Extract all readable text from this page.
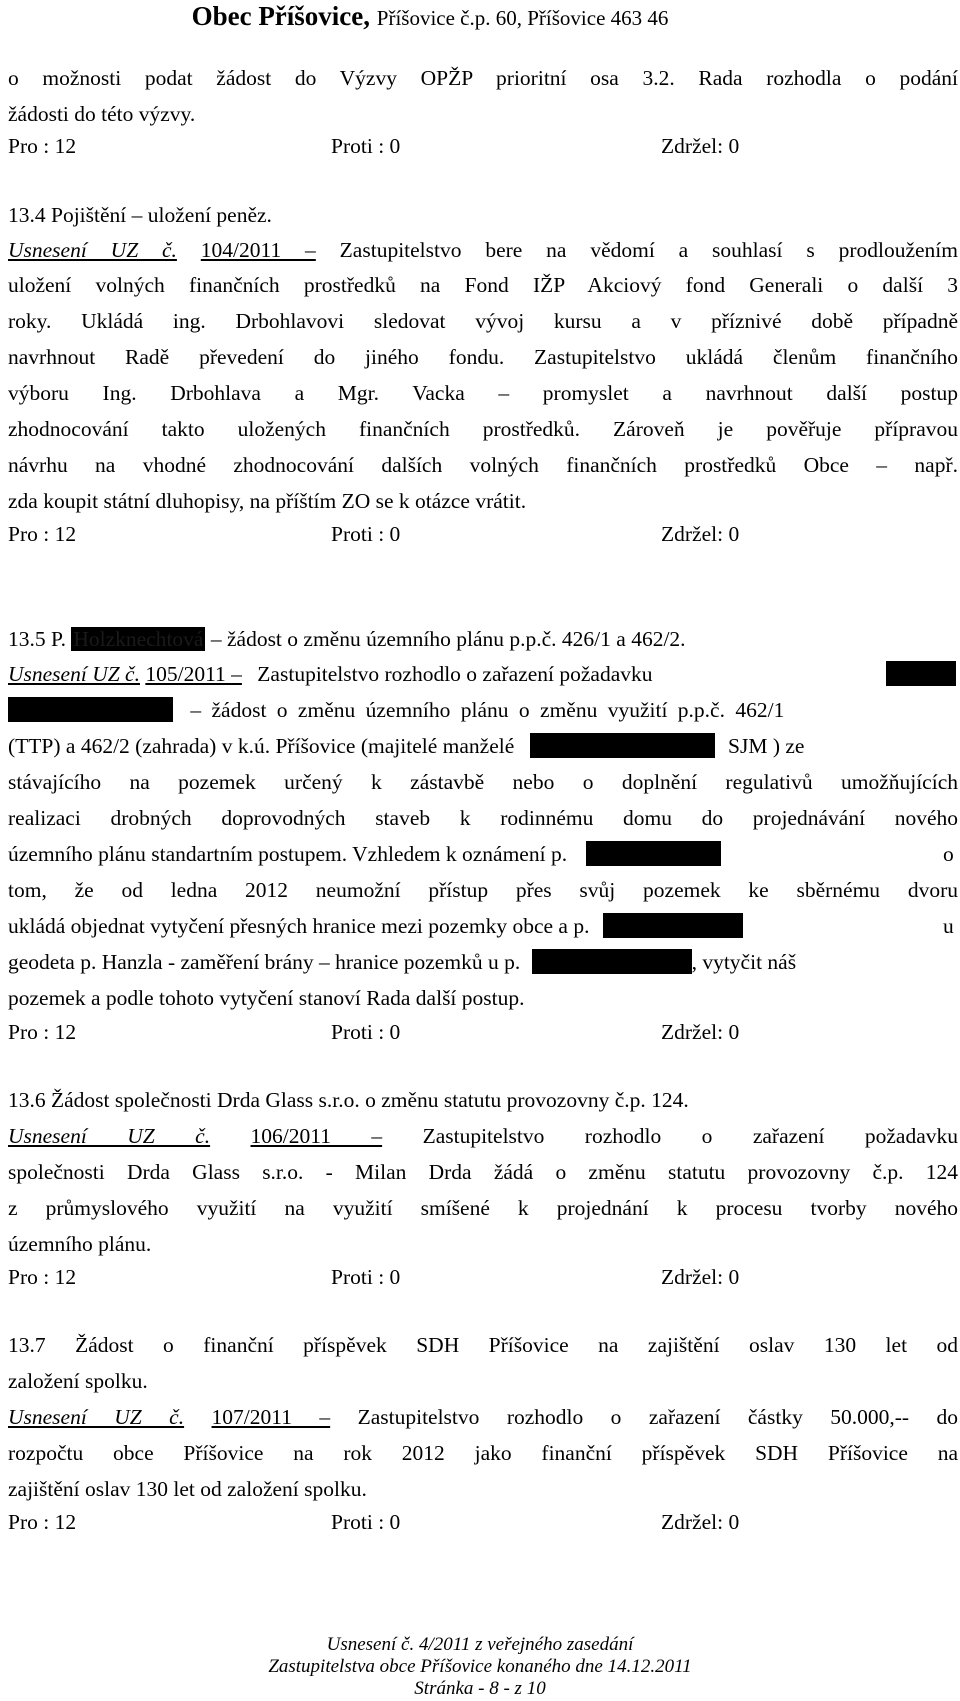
Obec Příšovice, Příšovice č.p. 60, Příšovice 463 46
o možnosti podat žádost do Výzvy OPŽP prioritní osa 3.2. Rada rozhodla o podání
žádosti do této výzvy.
Pro : 12	Proti : 0	Zdržel: 0
13.4 Pojištění – uložení peněz.
Usnesení UZ č. 104/2011 – Zastupitelstvo bere na vědomí a souhlasí s prodloužením
uložení volných finančních prostředků na Fond IŽP Akciový fond Generali o další 3
roky. Ukládá ing. Drbohlavovi sledovat vývoj kursu a v příznivé době případně
navrhnout Radě převedení do jiného fondu. Zastupitelstvo ukládá členům finančního
výboru Ing. Drbohlava a Mgr. Vacka – promyslet a navrhnout další postup
zhodnocování takto uložených finančních prostředků. Zároveň je pověřuje přípravou
návrhu na vhodné zhodnocování dalších volných finančních prostředků Obce – např.
zda koupit státní dluhopisy, na příštím ZO se k otázce vrátit.
Pro : 12	Proti : 0	Zdržel: 0
13.5 P. Holzknechtová – žádost o změnu územního plánu p.p.č. 426/1 a 462/2.
Usnesení UZ č. 105/2011 – Zastupitelstvo rozhodlo o zařazení požadavku
– žádost o změnu územního plánu o změnu využití p.p.č. 462/1
(TTP) a 462/2 (zahrada) v k.ú. Příšovice (majitelé manželé	SJM ) ze
stávajícího na pozemek určený k zástavbě nebo o doplnění regulativů umožňujících
realizaci drobných doprovodných staveb k rodinnému domu do projednávání nového
územního plánu standartním postupem. Vzhledem k oznámení p.	o
tom, že od ledna 2012 neumožní přístup přes svůj pozemek ke sběrnému dvoru
ukládá objednat vytyčení přesných hranice mezi pozemky obce a p.	u
geodeta p. Hanzla - zaměření brány – hranice pozemků u p.	, vytyčit náš
pozemek a podle tohoto vytyčení stanoví Rada další postup.
Pro : 12	Proti : 0	Zdržel: 0
13.6 Žádost společnosti Drda Glass s.r.o. o změnu statutu provozovny č.p. 124.
Usnesení UZ č. 106/2011 – Zastupitelstvo rozhodlo o zařazení požadavku
společnosti Drda Glass s.r.o. - Milan Drda žádá o změnu statutu provozovny č.p. 124
z průmyslového využití na využití smíšené k projednání k procesu tvorby nového
územního plánu.
Pro : 12	Proti : 0	Zdržel: 0
13.7 Žádost o finanční příspěvek SDH Příšovice na zajištění oslav 130 let od
založení spolku.
Usnesení UZ č. 107/2011 – Zastupitelstvo rozhodlo o zařazení částky 50.000,-- do
rozpočtu obce Příšovice na rok 2012 jako finanční příspěvek SDH Příšovice na
zajištění oslav 130 let od založení spolku.
Pro : 12	Proti : 0	Zdržel: 0
Usnesení č. 4/2011 z veřejného zasedání
Zastupitelstva obce Příšovice konaného dne 14.12.2011
Stránka - 8 - z 10
